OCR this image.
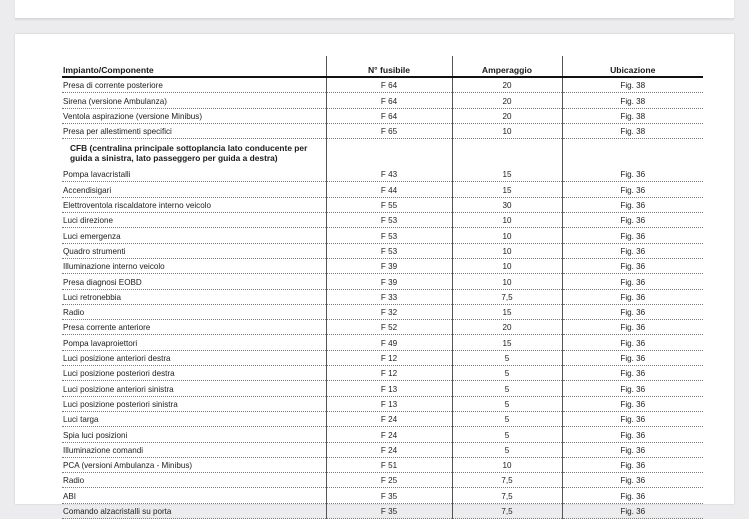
Impianto/Componente	N° fusibile	Amperaggio	Ubicazione
Presa di corrente posteriore	F 64	20	Fig. 38
Sirena (versione Ambulanza)	F 64	20	Fig. 38
Ventola aspirazione (versione Minibus)	F 64	20	Fig. 38
Presa per allestimenti specifici	F 65	10	Fig. 38
CFB (centralina principale sottoplancia lato conducente per guida a sinistra, lato passeggero per guida a destra)			
Pompa lavacristalli	F 43	15	Fig. 36
Accendisigari	F 44	15	Fig. 36
Elettroventola riscaldatore interno veicolo	F 55	30	Fig. 36
Luci direzione	F 53	10	Fig. 36
Luci emergenza	F 53	10	Fig. 36
Quadro strumenti	F 53	10	Fig. 36
Illuminazione interno veicolo	F 39	10	Fig. 36
Presa diagnosi EOBD	F 39	10	Fig. 36
Luci retronebbia	F 33	7,5	Fig. 36
Radio	F 32	15	Fig. 36
Presa corrente anteriore	F 52	20	Fig. 36
Pompa lavaproiettori	F 49	15	Fig. 36
Luci posizione anteriori destra	F 12	5	Fig. 36
Luci posizione posteriori destra	F 12	5	Fig. 36
Luci posizione anteriori sinistra	F 13	5	Fig. 36
Luci posizione posteriori sinistra	F 13	5	Fig. 36
Luci targa	F 24	5	Fig. 36
Spia luci posizioni	F 24	5	Fig. 36
Illuminazione comandi	F 24	5	Fig. 36
PCA (versioni Ambulanza - Minibus)	F 51	10	Fig. 36
Radio	F 25	7,5	Fig. 36
ABI	F 35	7,5	Fig. 36
Comando alzacristalli su porta	F 35	7,5	Fig. 36
